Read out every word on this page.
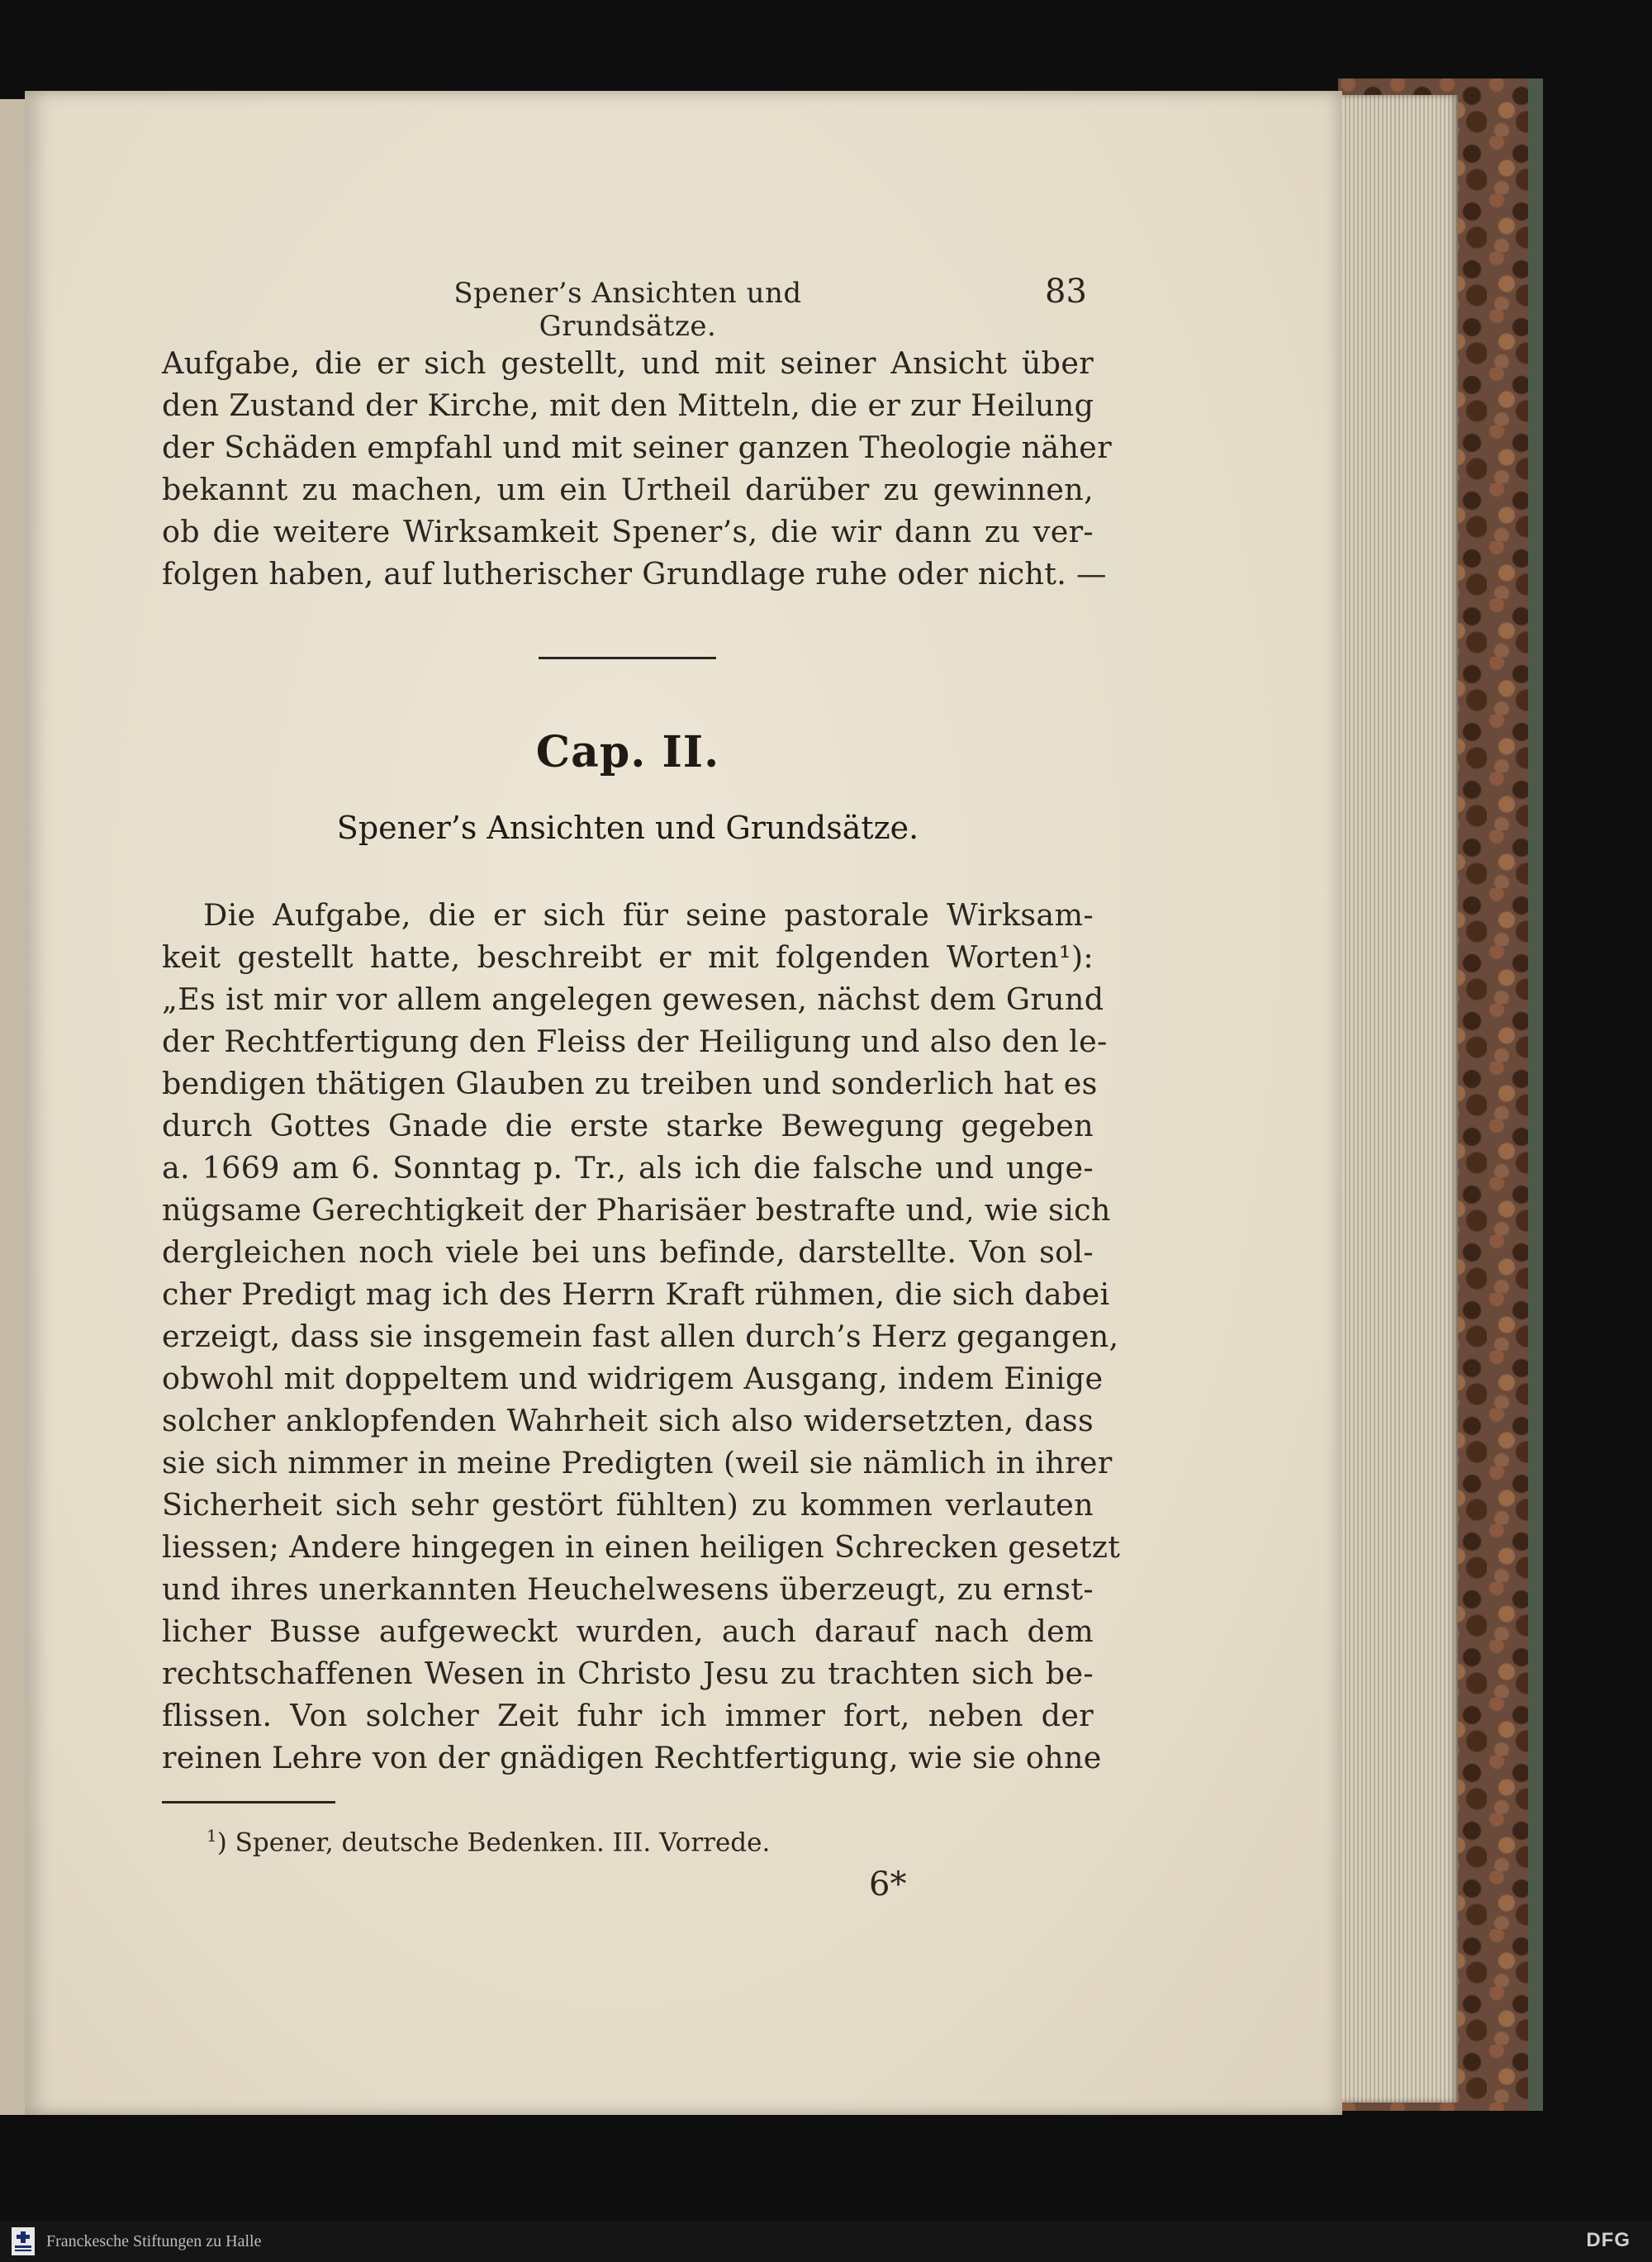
Spener’s Ansichten und Grundsätze.
83
Aufgabe, die er sich gestellt, und mit seiner Ansicht über
den Zustand der Kirche, mit den Mitteln, die er zur Heilung
der Schäden empfahl und mit seiner ganzen Theologie näher
bekannt zu machen, um ein Urtheil darüber zu gewinnen,
ob die weitere Wirksamkeit Spener’s, die wir dann zu ver-
folgen haben, auf lutherischer Grundlage ruhe oder nicht. —
Cap. II.
Spener’s Ansichten und Grundsätze.
Die Aufgabe, die er sich für seine pastorale Wirksam-
keit gestellt hatte, beschreibt er mit folgenden Worten¹):
„Es ist mir vor allem angelegen gewesen, nächst dem Grund
der Rechtfertigung den Fleiss der Heiligung und also den le-
bendigen thätigen Glauben zu treiben und sonderlich hat es
durch Gottes Gnade die erste starke Bewegung gegeben
a. 1669 am 6. Sonntag p. Tr., als ich die falsche und unge-
nügsame Gerechtigkeit der Pharisäer bestrafte und, wie sich
dergleichen noch viele bei uns befinde, darstellte. Von sol-
cher Predigt mag ich des Herrn Kraft rühmen, die sich dabei
erzeigt, dass sie insgemein fast allen durch’s Herz gegangen,
obwohl mit doppeltem und widrigem Ausgang, indem Einige
solcher anklopfenden Wahrheit sich also widersetzten, dass
sie sich nimmer in meine Predigten (weil sie nämlich in ihrer
Sicherheit sich sehr gestört fühlten) zu kommen verlauten
liessen; Andere hingegen in einen heiligen Schrecken gesetzt
und ihres unerkannten Heuchelwesens überzeugt, zu ernst-
licher Busse aufgeweckt wurden, auch darauf nach dem
rechtschaffenen Wesen in Christo Jesu zu trachten sich be-
flissen. Von solcher Zeit fuhr ich immer fort, neben der
reinen Lehre von der gnädigen Rechtfertigung, wie sie ohne
$^1$) Spener, deutsche Bedenken. III. Vorrede.
6*
Franckesche Stiftungen zu Halle	DFG
